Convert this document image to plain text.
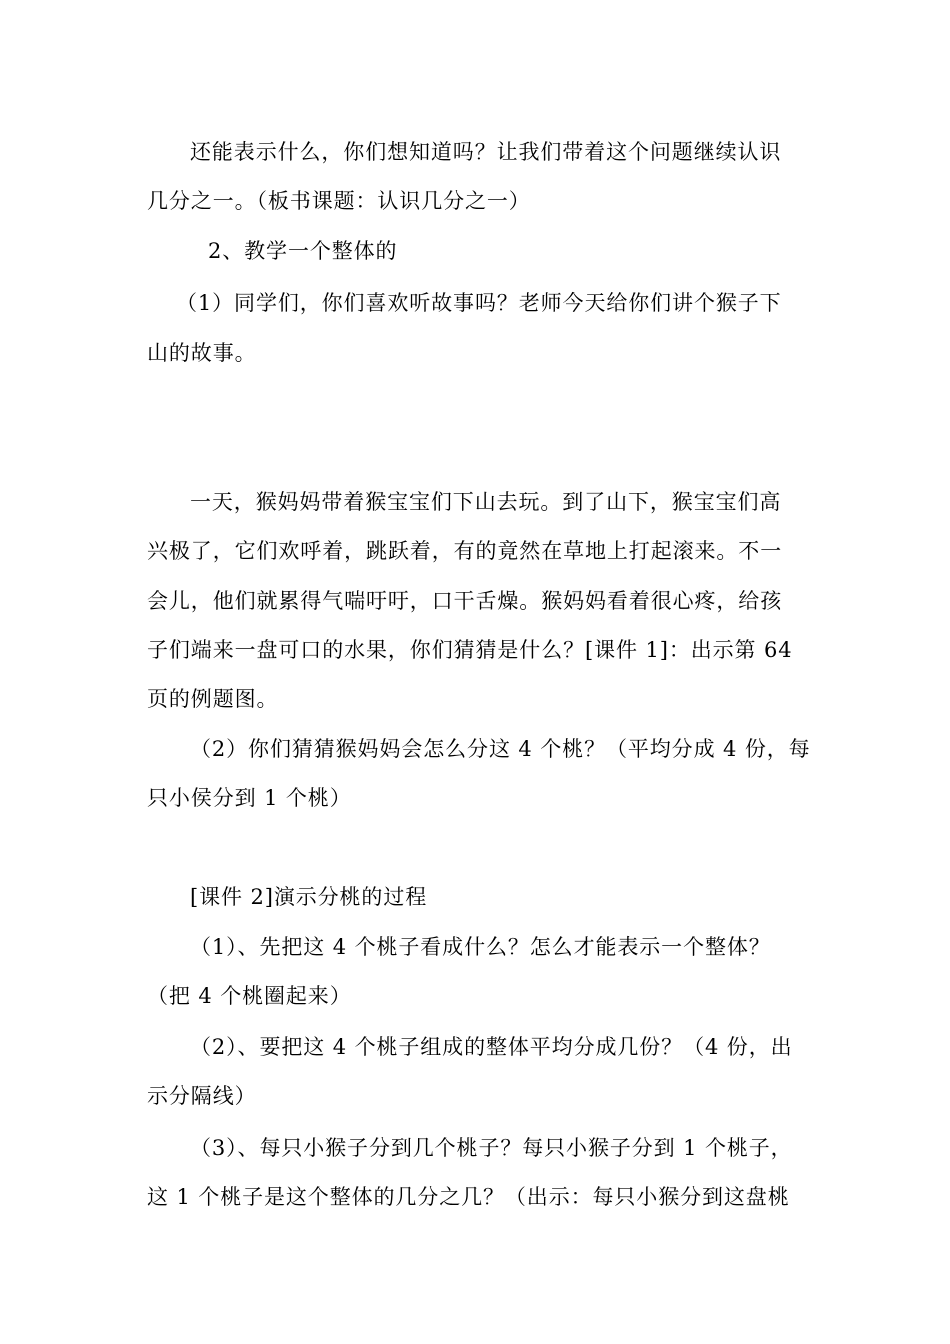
还能表示什么，你们想知道吗？让我们带着这个问题继续认识
几分之一。（板书课题：认识几分之一）
2、教学一个整体的
（1）同学们，你们喜欢听故事吗？老师今天给你们讲个猴子下
山的故事。
一天，猴妈妈带着猴宝宝们下山去玩。到了山下，猴宝宝们高
兴极了，它们欢呼着，跳跃着，有的竟然在草地上打起滚来。不一
会儿，他们就累得气喘吁吁，口干舌燥。猴妈妈看着很心疼，给孩
子们端来一盘可口的水果，你们猜猜是什么？[课件 1]：出示第 64
页的例题图。
（2）你们猜猜猴妈妈会怎么分这 4 个桃？（平均分成 4 份，每
只小侯分到 1 个桃）
[课件 2]演示分桃的过程
（1）、先把这 4 个桃子看成什么？怎么才能表示一个整体？
（把 4 个桃圈起来）
（2）、要把这 4 个桃子组成的整体平均分成几份？（4 份，出
示分隔线）
（3）、每只小猴子分到几个桃子？每只小猴子分到 1 个桃子，
这 1 个桃子是这个整体的几分之几？（出示：每只小猴分到这盘桃
